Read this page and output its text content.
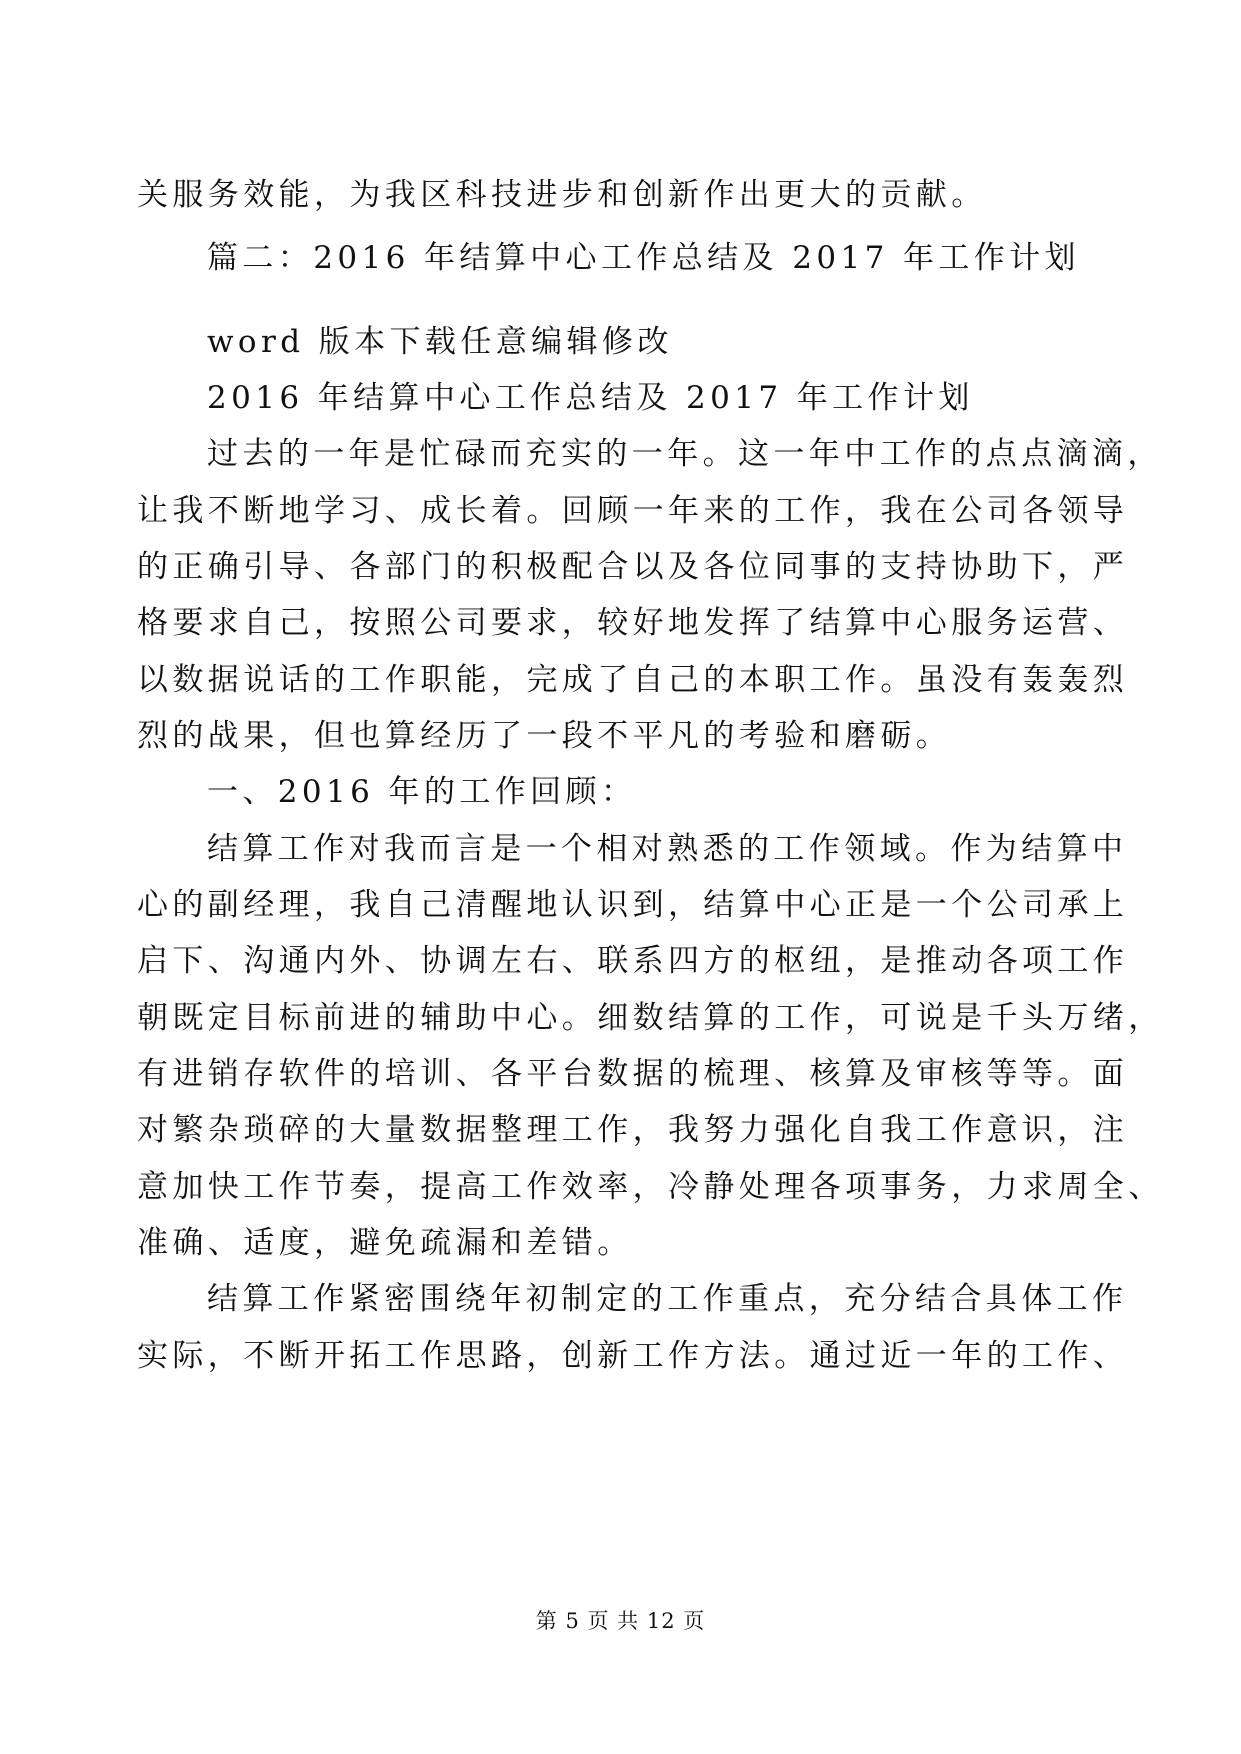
关服务效能，为我区科技进步和创新作出更大的贡献。
篇二：2016 年结算中心工作总结及 2017 年工作计划
word 版本下载任意编辑修改
2016 年结算中心工作总结及 2017 年工作计划
过去的一年是忙碌而充实的一年。这一年中工作的点点滴滴，
让我不断地学习、成长着。回顾一年来的工作，我在公司各领导
的正确引导、各部门的积极配合以及各位同事的支持协助下，严
格要求自己，按照公司要求，较好地发挥了结算中心服务运营、
以数据说话的工作职能，完成了自己的本职工作。虽没有轰轰烈
烈的战果，但也算经历了一段不平凡的考验和磨砺。
一、2016 年的工作回顾：
结算工作对我而言是一个相对熟悉的工作领域。作为结算中
心的副经理，我自己清醒地认识到，结算中心正是一个公司承上
启下、沟通内外、协调左右、联系四方的枢纽，是推动各项工作
朝既定目标前进的辅助中心。细数结算的工作，可说是千头万绪，
有进销存软件的培训、各平台数据的梳理、核算及审核等等。面
对繁杂琐碎的大量数据整理工作，我努力强化自我工作意识，注
意加快工作节奏，提高工作效率，冷静处理各项事务，力求周全、
准确、适度，避免疏漏和差错。
结算工作紧密围绕年初制定的工作重点，充分结合具体工作
实际，不断开拓工作思路，创新工作方法。通过近一年的工作、
第 5 页 共 12 页
